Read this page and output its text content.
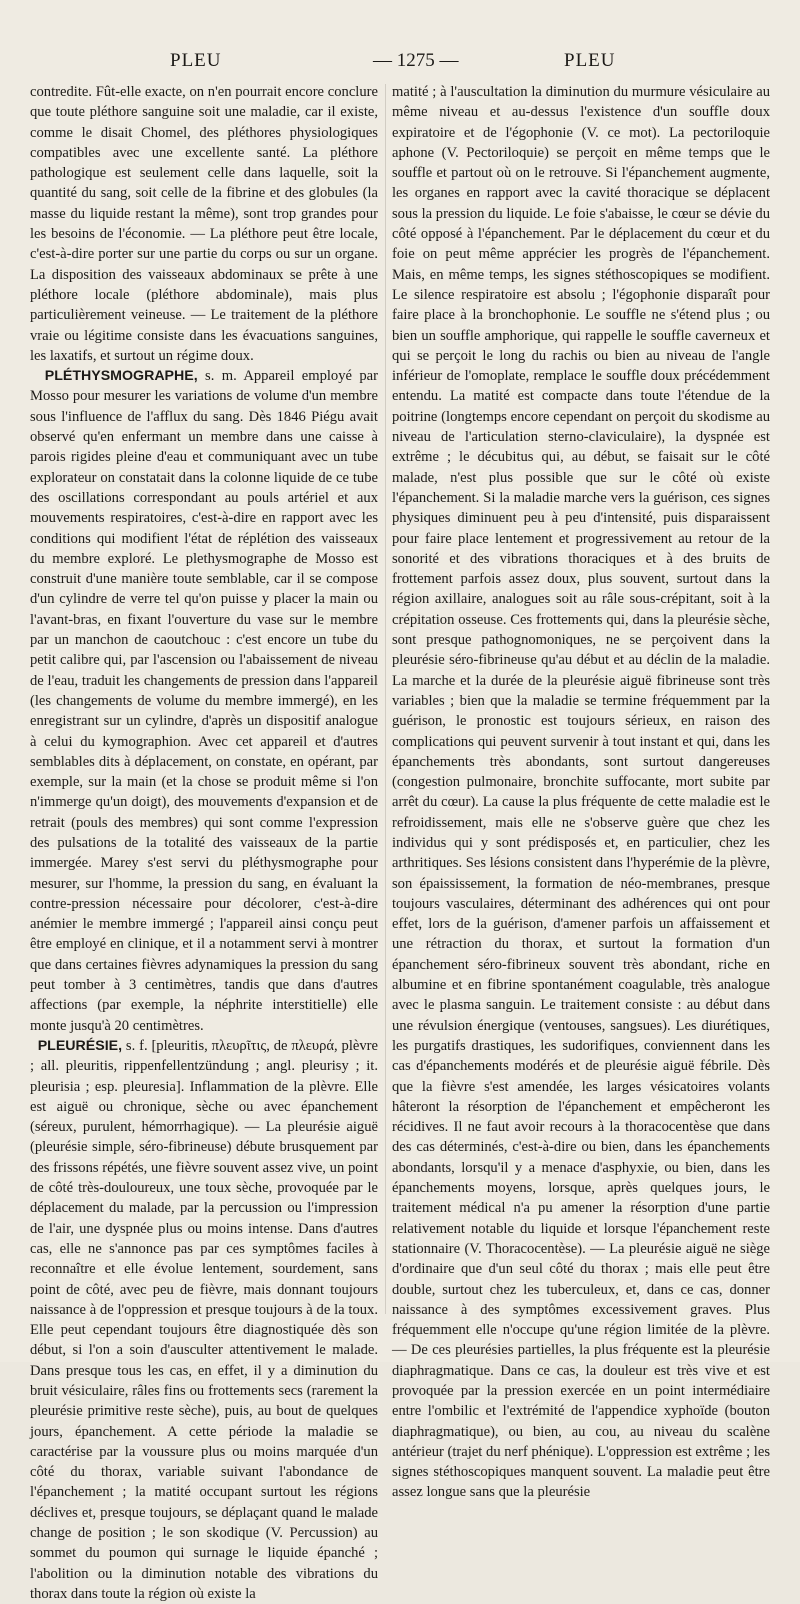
PLEU	— 1275 —	PLEU

contredite. Fût-elle exacte, on n'en pourrait encore conclure que toute pléthore sanguine soit une maladie, car il existe, comme le disait Chomel, des pléthores physiologiques compatibles avec une excellente santé. La pléthore pathologique est seulement celle dans laquelle, soit la quantité du sang, soit celle de la fibrine et des globules (la masse du liquide restant la même), sont trop grandes pour les besoins de l'économie. — La pléthore peut être locale, c'est-à-dire porter sur une partie du corps ou sur un organe. La disposition des vaisseaux abdominaux se prête à une pléthore locale (pléthore abdominale), mais plus particulièrement veineuse. — Le traitement de la pléthore vraie ou légitime consiste dans les évacuations sanguines, les laxatifs, et surtout un régime doux.

PLÉTHYSMOGRAPHE, s. m. Appareil employé par Mosso pour mesurer les variations de volume d'un membre sous l'influence de l'afflux du sang. Dès 1846 Piégu avait observé qu'en enfermant un membre dans une caisse à parois rigides pleine d'eau et communiquant avec un tube explorateur on constatait dans la colonne liquide de ce tube des oscillations correspondant au pouls artériel et aux mouvements respiratoires, c'est-à-dire en rapport avec les conditions qui modifient l'état de réplétion des vaisseaux du membre exploré. Le plethysmographe de Mosso est construit d'une manière toute semblable, car il se compose d'un cylindre de verre tel qu'on puisse y placer la main ou l'avant-bras, en fixant l'ouverture du vase sur le membre par un manchon de caoutchouc : c'est encore un tube du petit calibre qui, par l'ascension ou l'abaissement de niveau de l'eau, traduit les changements de pression dans l'appareil (les changements de volume du membre immergé), en les enregistrant sur un cylindre, d'après un dispositif analogue à celui du kymographion. Avec cet appareil et d'autres semblables dits à déplacement, on constate, en opérant, par exemple, sur la main (et la chose se produit même si l'on n'immerge qu'un doigt), des mouvements d'expansion et de retrait (pouls des membres) qui sont comme l'expression des pulsations de la totalité des vaisseaux de la partie immergée. Marey s'est servi du pléthysmographe pour mesurer, sur l'homme, la pression du sang, en évaluant la contre-pression nécessaire pour décolorer, c'est-à-dire anémier le membre immergé ; l'appareil ainsi conçu peut être employé en clinique, et il a notamment servi à montrer que dans certaines fièvres adynamiques la pression du sang peut tomber à 3 centimètres, tandis que dans d'autres affections (par exemple, la néphrite interstitielle) elle monte jusqu'à 20 centimètres.

PLEURÉSIE, s. f. [pleuritis, πλευρῖτις, de πλευρά, plèvre ; all. pleuritis, rippenfellentzündung ; angl. pleurisy ; it. pleurisia ; esp. pleuresia]. Inflammation de la plèvre. Elle est aiguë ou chronique, sèche ou avec épanchement (séreux, purulent, hémorrhagique). — La pleurésie aiguë (pleurésie simple, séro-fibrineuse) débute brusquement par des frissons répétés, une fièvre souvent assez vive, un point de côté très-douloureux, une toux sèche, provoquée par le déplacement du malade, par la percussion ou l'impression de l'air, une dyspnée plus ou moins intense. Dans d'autres cas, elle ne s'annonce pas par ces symptômes faciles à reconnaître et elle évolue lentement, sourdement, sans point de côté, avec peu de fièvre, mais donnant toujours naissance à de l'oppression et presque toujours à de la toux. Elle peut cependant toujours être diagnostiquée dès son début, si l'on a soin d'ausculter attentivement le malade. Dans presque tous les cas, en effet, il y a diminution du bruit vésiculaire, râles fins ou frottements secs (rarement la pleurésie primitive reste sèche), puis, au bout de quelques jours, épanchement. A cette période la maladie se caractérise par la voussure plus ou moins marquée d'un côté du thorax, variable suivant l'abondance de l'épanchement ; la matité occupant surtout les régions déclives et, presque toujours, se déplaçant quand le malade change de position ; le son skodique (V. Percussion) au sommet du poumon qui surnage le liquide épanché ; l'abolition ou la diminution notable des vibrations du thorax dans toute la région où existe la

matité ; à l'auscultation la diminution du murmure vésiculaire au même niveau et au-dessus l'existence d'un souffle doux expiratoire et de l'égophonie (V. ce mot). La pectoriloquie aphone (V. Pectoriloquie) se perçoit en même temps que le souffle et partout où on le retrouve. Si l'épanchement augmente, les organes en rapport avec la cavité thoracique se déplacent sous la pression du liquide. Le foie s'abaisse, le cœur se dévie du côté opposé à l'épanchement. Par le déplacement du cœur et du foie on peut même apprécier les progrès de l'épanchement. Mais, en même temps, les signes stéthoscopiques se modifient. Le silence respiratoire est absolu ; l'égophonie disparaît pour faire place à la bronchophonie. Le souffle ne s'étend plus ; ou bien un souffle amphorique, qui rappelle le souffle caverneux et qui se perçoit le long du rachis ou bien au niveau de l'angle inférieur de l'omoplate, remplace le souffle doux précédemment entendu. La matité est compacte dans toute l'étendue de la poitrine (longtemps encore cependant on perçoit du skodisme au niveau de l'articulation sterno-claviculaire), la dyspnée est extrême ; le décubitus qui, au début, se faisait sur le côté malade, n'est plus possible que sur le côté où existe l'épanchement. Si la maladie marche vers la guérison, ces signes physiques diminuent peu à peu d'intensité, puis disparaissent pour faire place lentement et progressivement au retour de la sonorité et des vibrations thoraciques et à des bruits de frottement parfois assez doux, plus souvent, surtout dans la région axillaire, analogues soit au râle sous-crépitant, soit à la crépitation osseuse. Ces frottements qui, dans la pleurésie sèche, sont presque pathognomoniques, ne se perçoivent dans la pleurésie séro-fibrineuse qu'au début et au déclin de la maladie. La marche et la durée de la pleurésie aiguë fibrineuse sont très variables ; bien que la maladie se termine fréquemment par la guérison, le pronostic est toujours sérieux, en raison des complications qui peuvent survenir à tout instant et qui, dans les épanchements très abondants, sont surtout dangereuses (congestion pulmonaire, bronchite suffocante, mort subite par arrêt du cœur). La cause la plus fréquente de cette maladie est le refroidissement, mais elle ne s'observe guère que chez les individus qui y sont prédisposés et, en particulier, chez les arthritiques. Ses lésions consistent dans l'hyperémie de la plèvre, son épaississement, la formation de néo-membranes, presque toujours vasculaires, déterminant des adhérences qui ont pour effet, lors de la guérison, d'amener parfois un affaissement et une rétraction du thorax, et surtout la formation d'un épanchement séro-fibrineux souvent très abondant, riche en albumine et en fibrine spontanément coagulable, très analogue avec le plasma sanguin. Le traitement consiste : au début dans une révulsion énergique (ventouses, sangsues). Les diurétiques, les purgatifs drastiques, les sudorifiques, conviennent dans les cas d'épanchements modérés et de pleurésie aiguë fébrile. Dès que la fièvre s'est amendée, les larges vésicatoires volants hâteront la résorption de l'épanchement et empêcheront les récidives. Il ne faut avoir recours à la thoracocentèse que dans des cas déterminés, c'est-à-dire ou bien, dans les épanchements abondants, lorsqu'il y a menace d'asphyxie, ou bien, dans les épanchements moyens, lorsque, après quelques jours, le traitement médical n'a pu amener la résorption d'une partie relativement notable du liquide et lorsque l'épanchement reste stationnaire (V. Thoracocentèse). — La pleurésie aiguë ne siège d'ordinaire que d'un seul côté du thorax ; mais elle peut être double, surtout chez les tuberculeux, et, dans ce cas, donner naissance à des symptômes excessivement graves. Plus fréquemment elle n'occupe qu'une région limitée de la plèvre. — De ces pleurésies partielles, la plus fréquente est la pleurésie diaphragmatique. Dans ce cas, la douleur est très vive et est provoquée par la pression exercée en un point intermédiaire entre l'ombilic et l'extrémité de l'appendice xyphoïde (bouton diaphragmatique), ou bien, au cou, au niveau du scalène antérieur (trajet du nerf phénique). L'oppression est extrême ; les signes stéthoscopiques manquent souvent. La maladie peut être assez longue sans que la pleurésie
